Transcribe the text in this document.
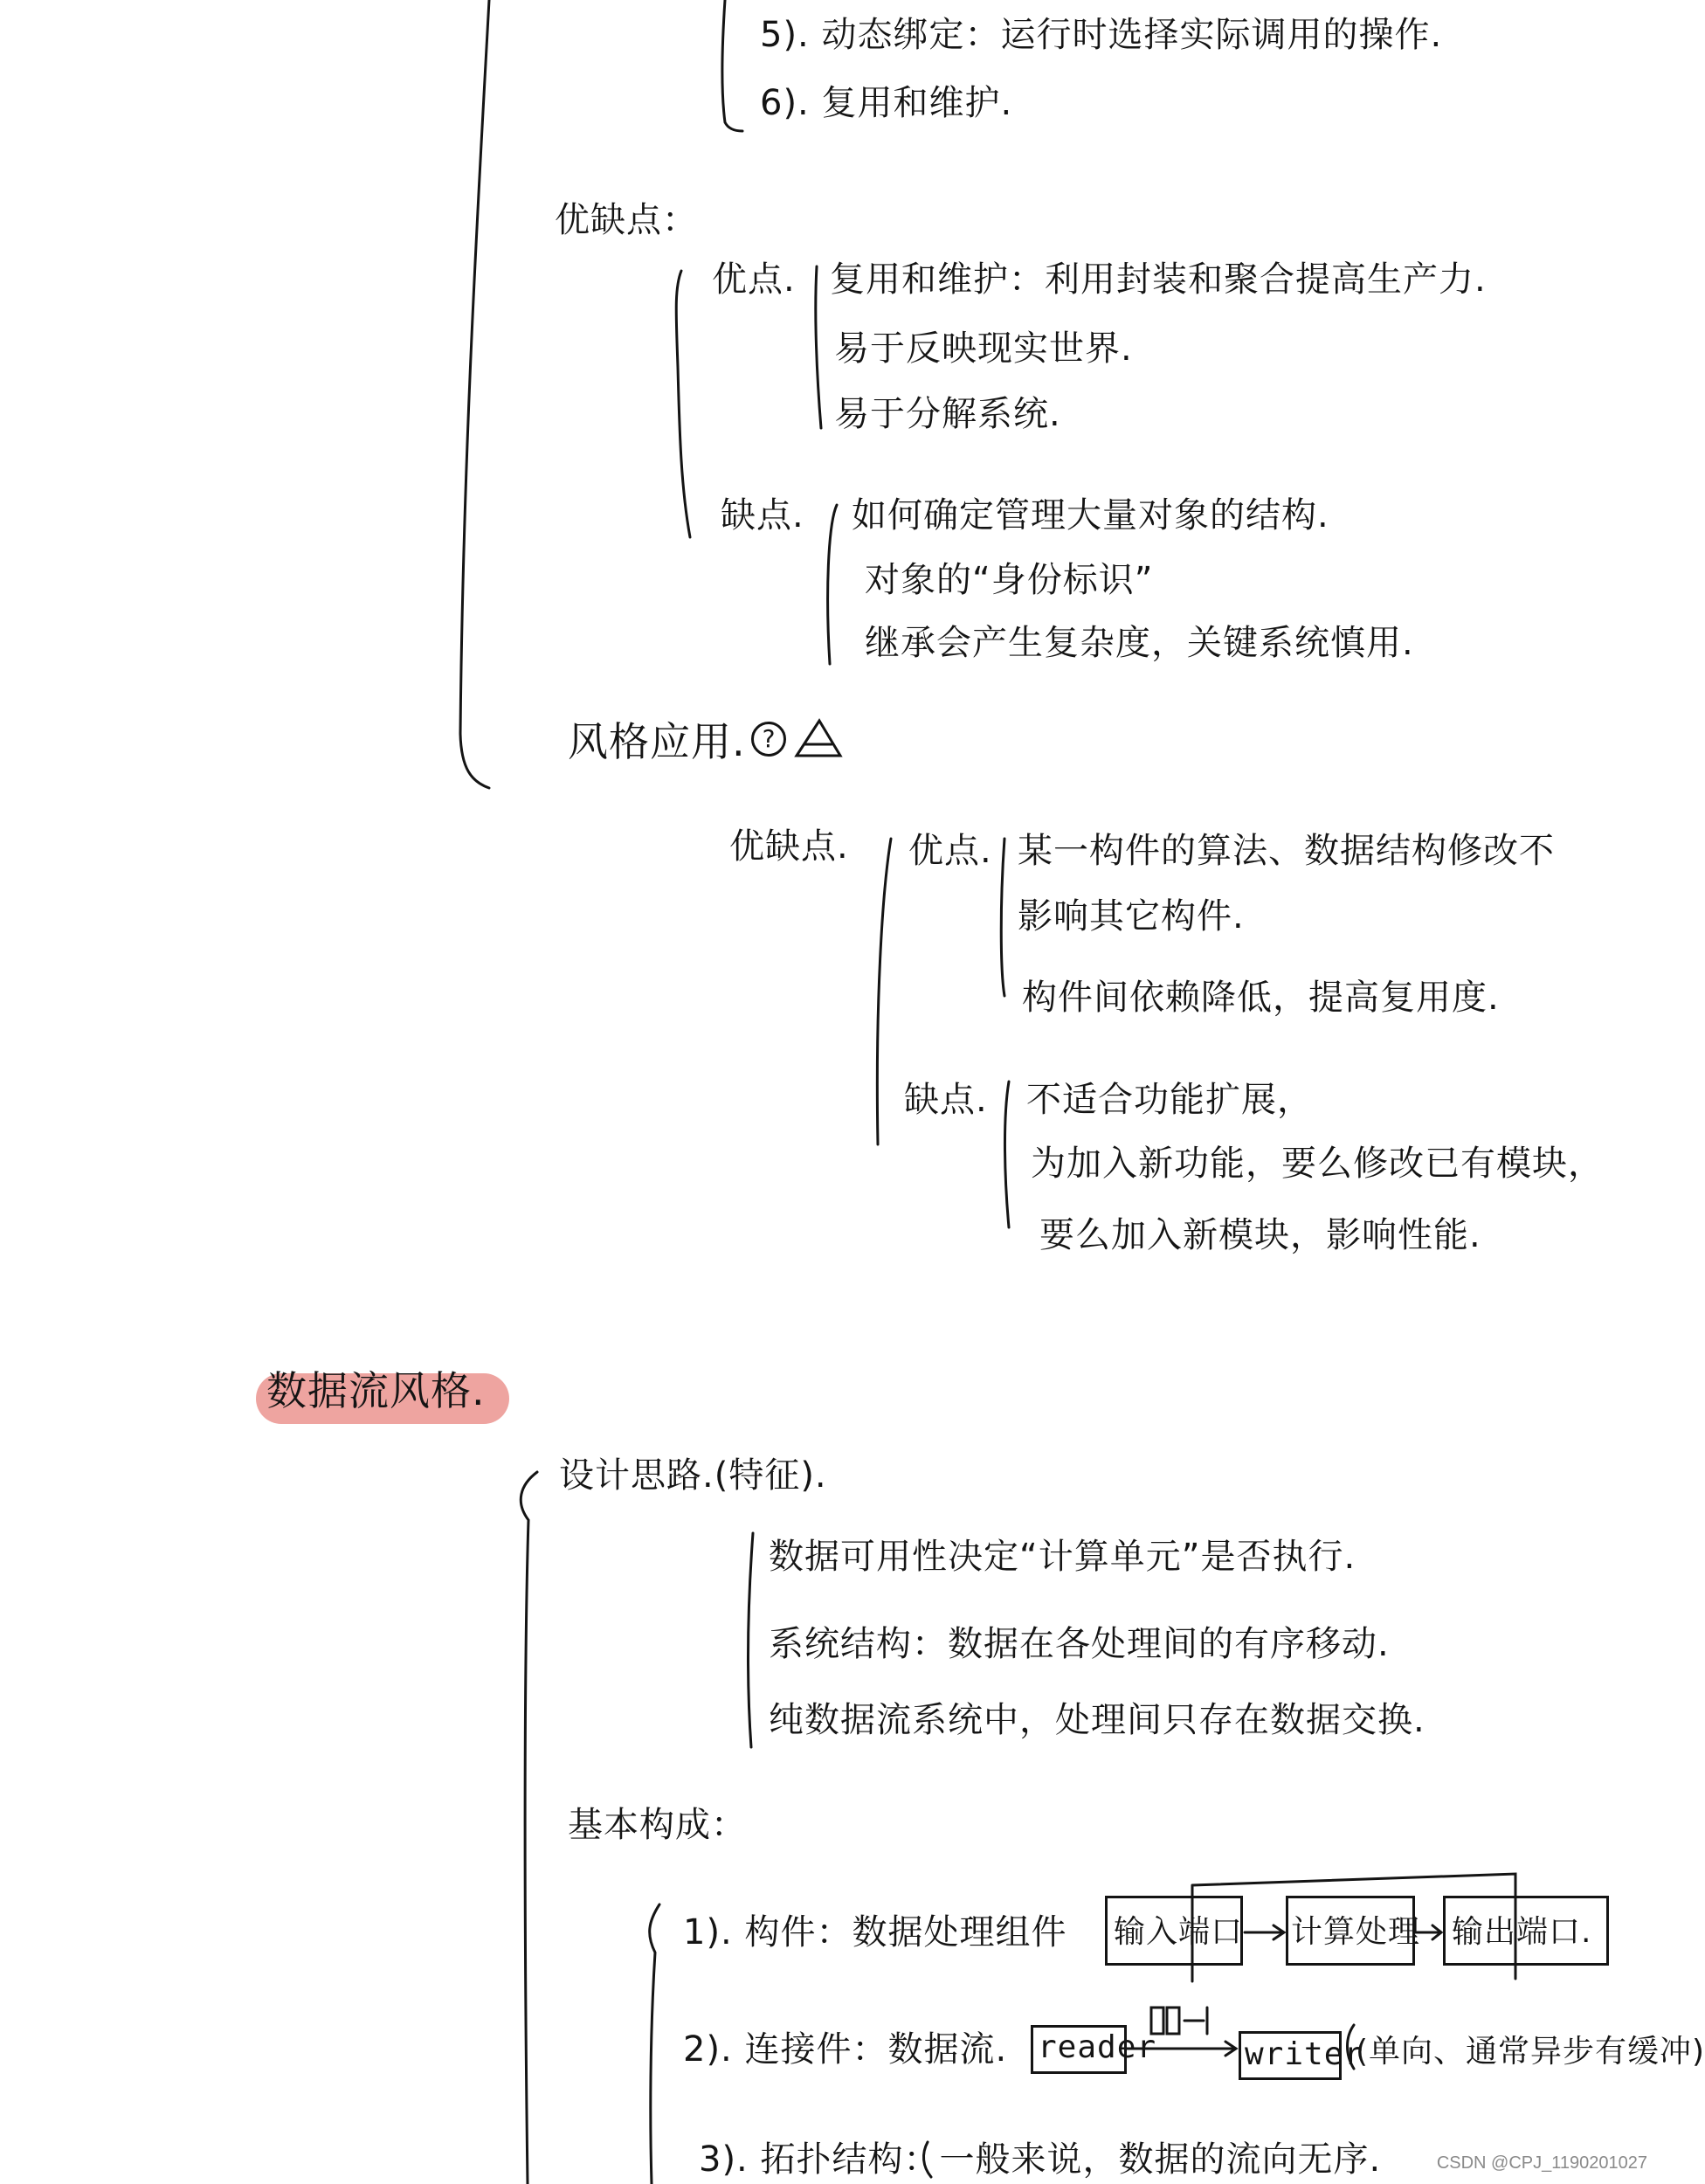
5). 动态绑定：运行时选择实际调用的操作.
6). 复用和维护.
优缺点：
优点. 复用和维护：利用封装和聚合提高生产力.
易于反映现实世界.
易于分解系统.
缺点. 如何确定管理大量对象的结构.
对象的“身份标识”
继承会产生复杂度，关键系统慎用.
风格应用. ?
优缺点. 优点. 某一构件的算法、数据结构修改不
影响其它构件.
构件间依赖降低，提高复用度.
缺点. 不适合功能扩展，
为加入新功能，要么修改已有模块，
要么加入新模块，影响性能.
数据流风格.
设计思路.(特征).
数据可用性决定“计算单元”是否执行.
系统结构：数据在各处理间的有序移动.
纯数据流系统中，处理间只存在数据交换.
基本构成：
1). 构件：数据处理组件 输入端口 计算处理 输出端口.
2). 连接件：数据流. reader	writer
(单向、通常异步有缓冲)
3). 拓扑结构：一般来说，数据的流向无序.	CSDN @CPJ_1190201027
